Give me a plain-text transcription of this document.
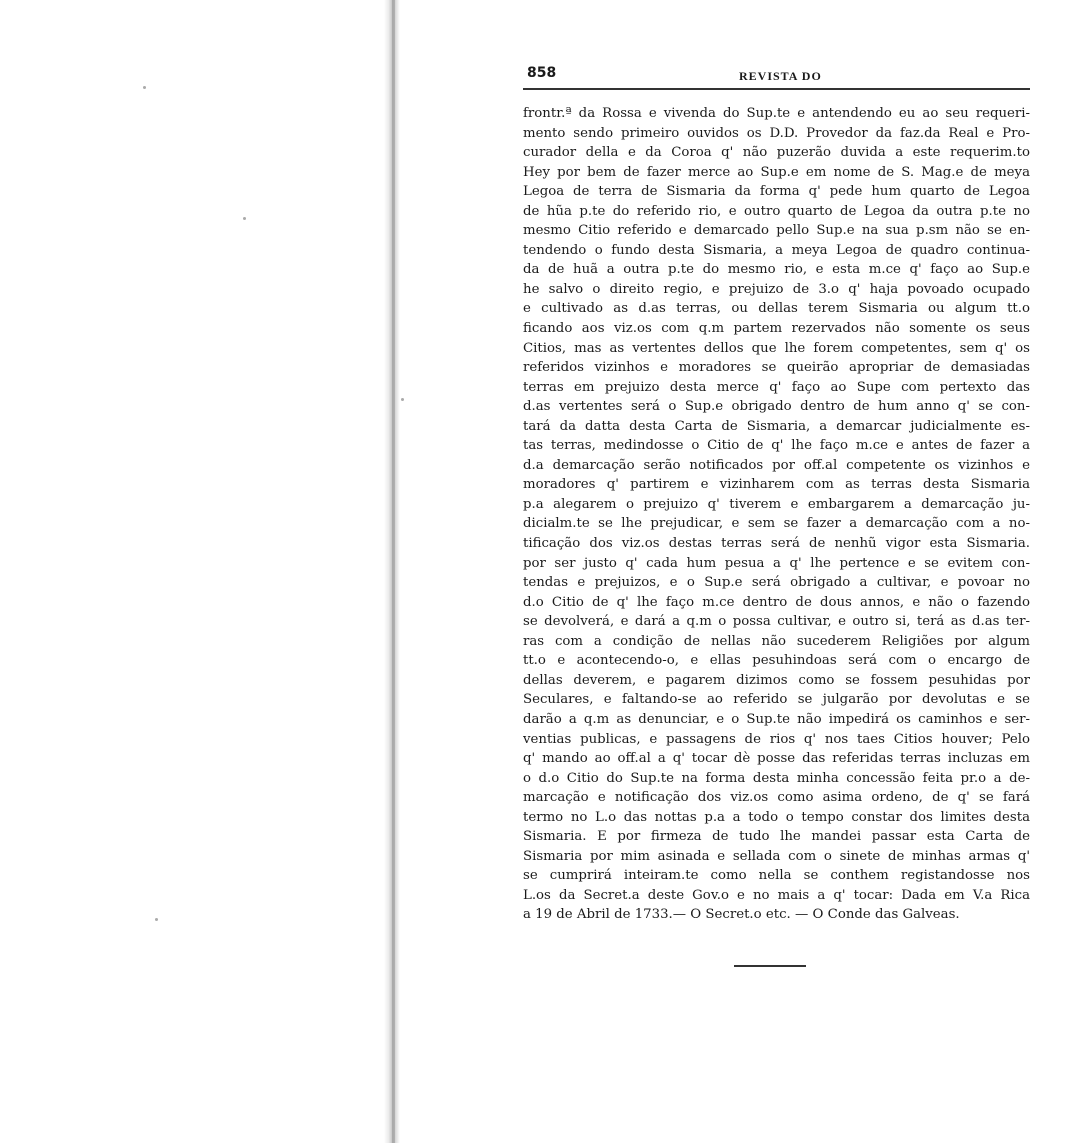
858	REVISTA DO
frontr.ª da Rossa e vivenda do Sup.te e antendendo eu ao seu requeri-
mento sendo primeiro ouvidos os D.D. Provedor da faz.da Real e Pro-
curador della e da Coroa q' não puzerão duvida a este requerim.to
Hey por bem de fazer merce ao Sup.e em nome de S. Mag.e de meya
Legoa de terra de Sismaria da forma q' pede hum quarto de Legoa
de hũa p.te do referido rio, e outro quarto de Legoa da outra p.te no
mesmo Citio referido e demarcado pello Sup.e na sua p.sm não se en-
tendendo o fundo desta Sismaria, a meya Legoa de quadro continua-
da de huã a outra p.te do mesmo rio, e esta m.ce q' faço ao Sup.e
he salvo o direito regio, e prejuizo de 3.o q' haja povoado ocupado
e cultivado as d.as terras, ou dellas terem Sismaria ou algum tt.o
ficando aos viz.os com q.m partem rezervados não somente os seus
Citios, mas as vertentes dellos que lhe forem competentes, sem q' os
referidos vizinhos e moradores se queirão apropriar de demasiadas
terras em prejuizo desta merce q' faço ao Supe com pertexto das
d.as vertentes será o Sup.e obrigado dentro de hum anno q' se con-
tará da datta desta Carta de Sismaria, a demarcar judicialmente es-
tas terras, medindosse o Citio de q' lhe faço m.ce e antes de fazer a
d.a demarcação serão notificados por off.al competente os vizinhos e
moradores q' partirem e vizinharem com as terras desta Sismaria
p.a alegarem o prejuizo q' tiverem e embargarem a demarcação ju-
dicialm.te se lhe prejudicar, e sem se fazer a demarcação com a no-
tificação dos viz.os destas terras será de nenhũ vigor esta Sismaria.
por ser justo q' cada hum pesua a q' lhe pertence e se evitem con-
tendas e prejuizos, e o Sup.e será obrigado a cultivar, e povoar no
d.o Citio de q' lhe faço m.ce dentro de dous annos, e não o fazendo
se devolverá, e dará a q.m o possa cultivar, e outro si, terá as d.as ter-
ras com a condição de nellas não sucederem Religiões por algum
tt.o e acontecendo-o, e ellas pesuhindoas será com o encargo de
dellas deverem, e pagarem dizimos como se fossem pesuhidas por
Seculares, e faltando-se ao referido se julgarão por devolutas e se
darão a q.m as denunciar, e o Sup.te não impedirá os caminhos e ser-
ventias publicas, e passagens de rios q' nos taes Citios houver; Pelo
q' mando ao off.al a q' tocar dè posse das referidas terras incluzas em
o d.o Citio do Sup.te na forma desta minha concessão feita pr.o a de-
marcação e notificação dos viz.os como asima ordeno, de q' se fará
termo no L.o das nottas p.a a todo o tempo constar dos limites desta
Sismaria. E por firmeza de tudo lhe mandei passar esta Carta de
Sismaria por mim asinada e sellada com o sinete de minhas armas q'
se cumprirá inteiram.te como nella se conthem registandosse nos
L.os da Secret.a deste Gov.o e no mais a q' tocar: Dada em V.a Rica
a 19 de Abril de 1733.— O Secret.o etc. — O Conde das Galveas.
